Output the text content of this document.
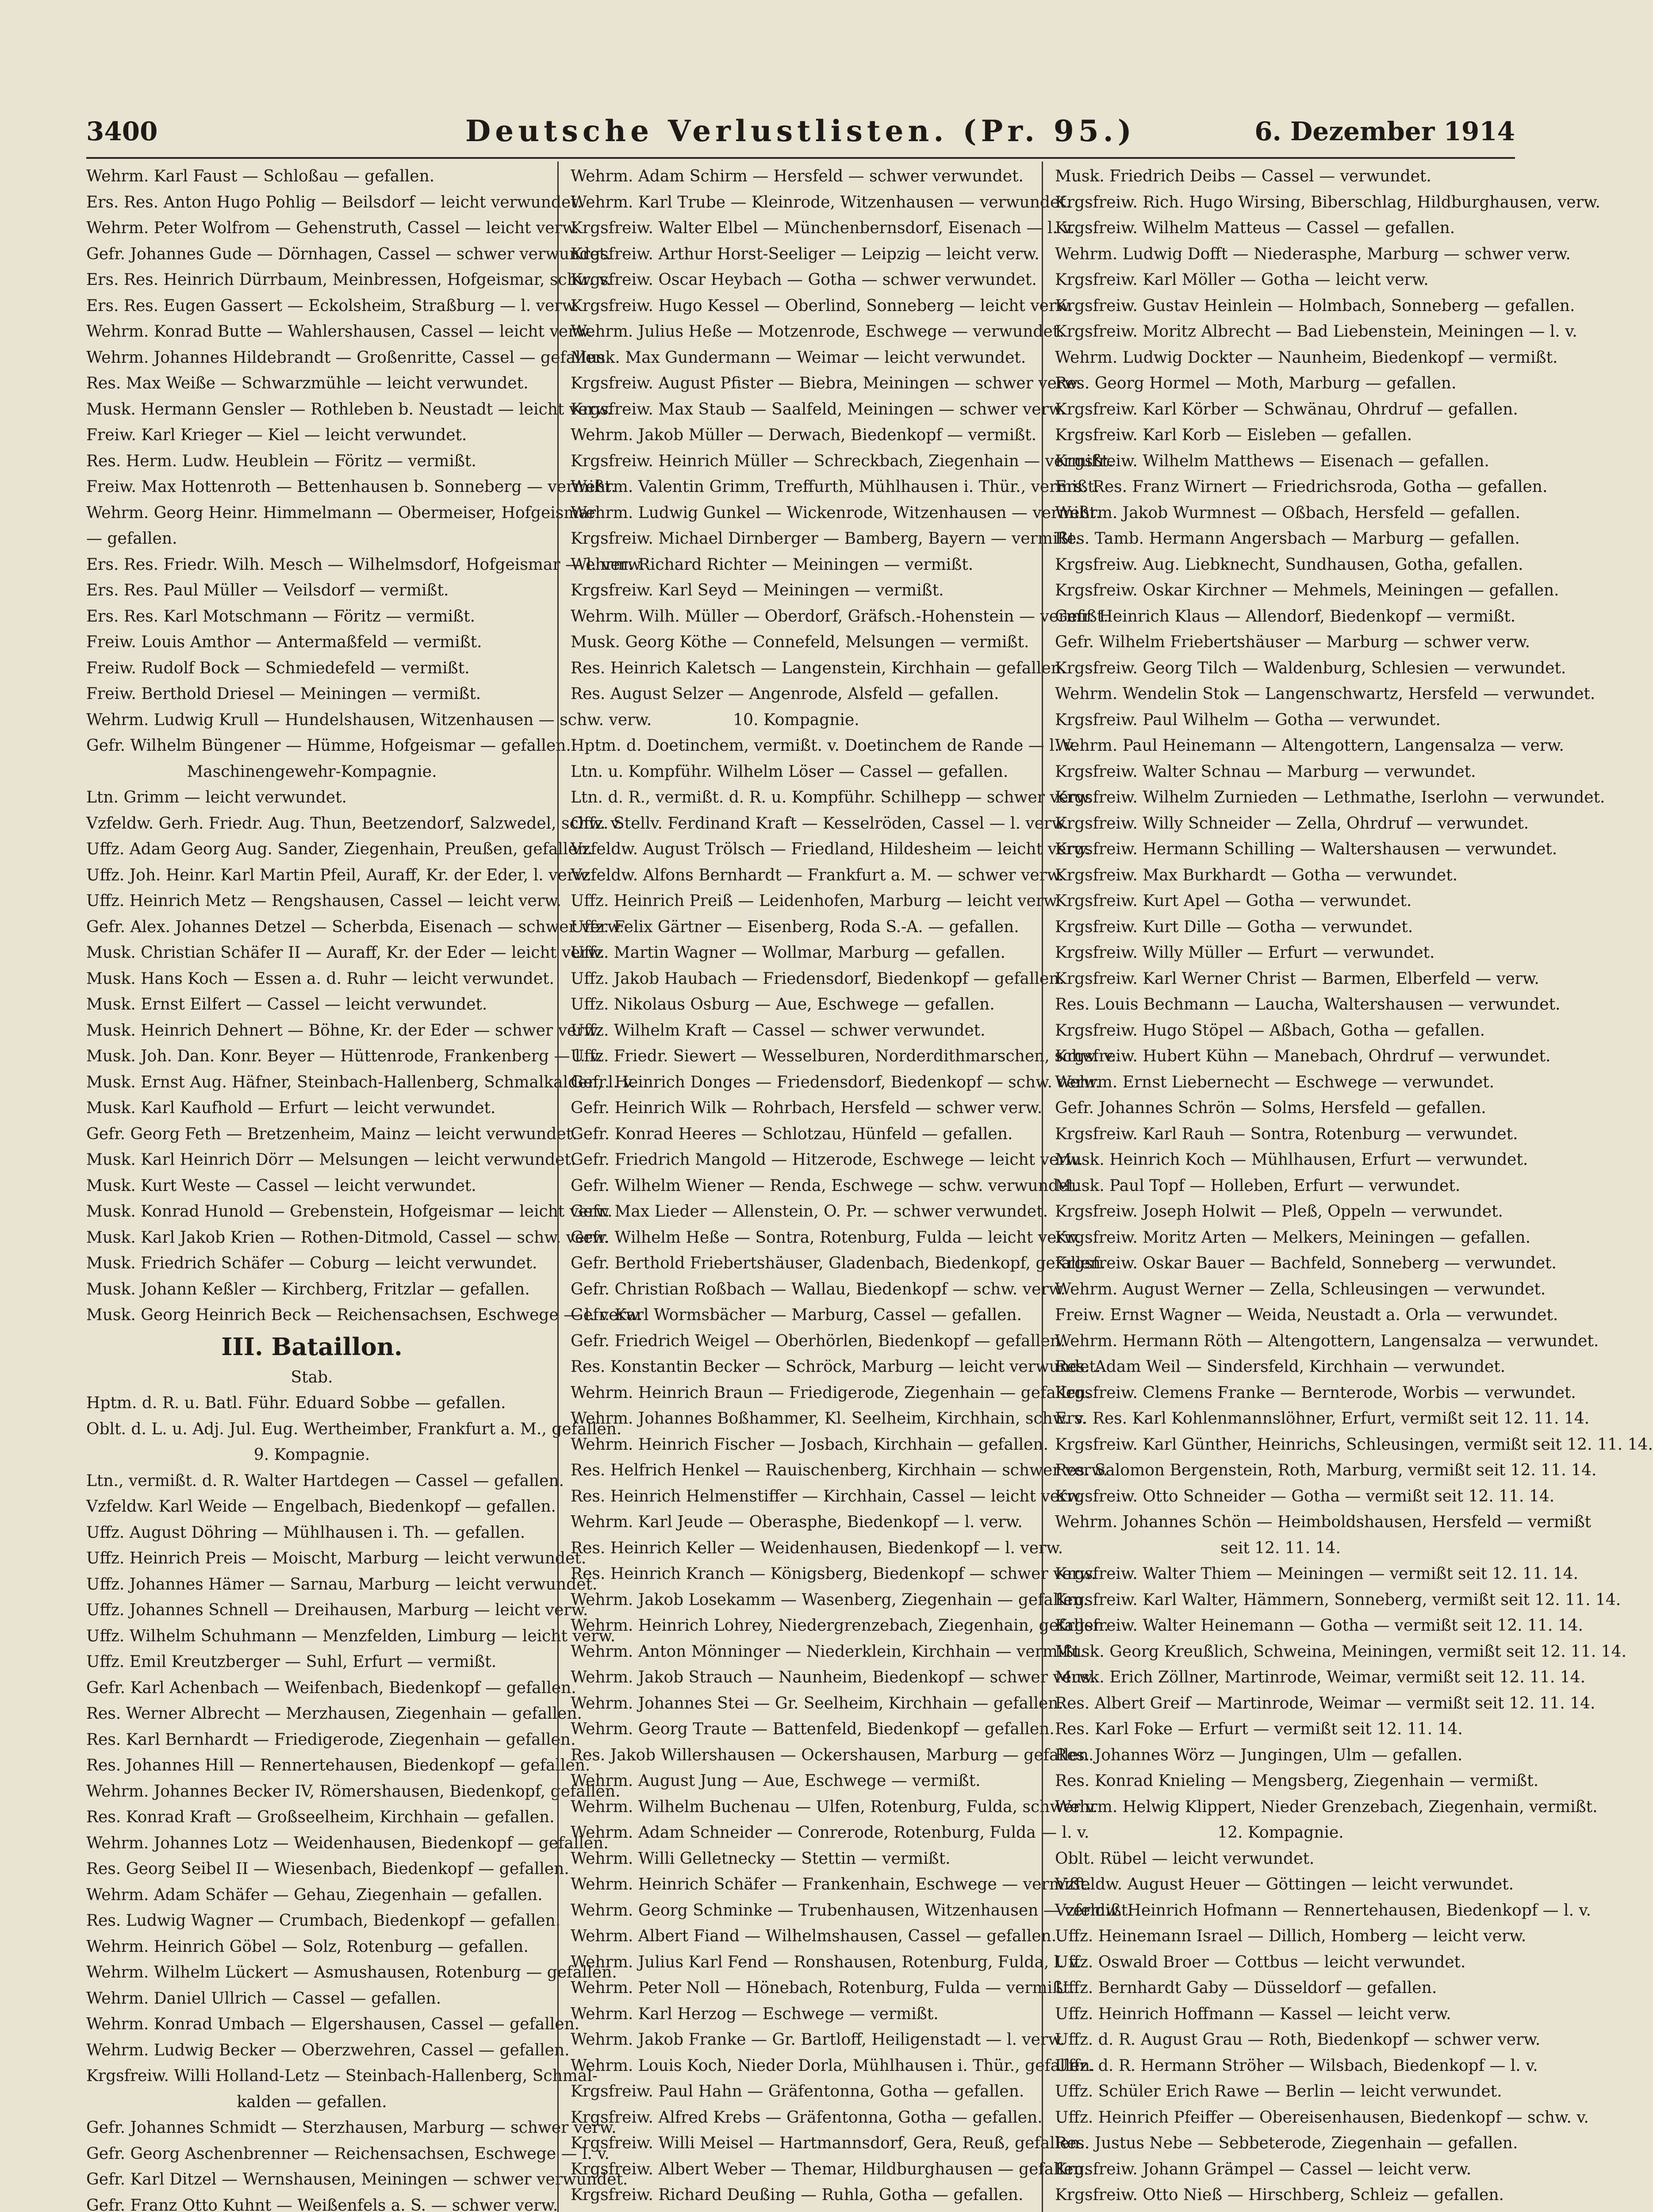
3400	Deutsche Verlustlisten. (Pr. 95.)	6. Dezember 1914
Wehrm. Karl Faust — Schloßau — gefallen.
Ers. Res. Anton Hugo Pohlig — Beilsdorf — leicht verwundet.
Wehrm. Peter Wolfrom — Gehenstruth, Cassel — leicht verw.
Gefr. Johannes Gude — Dörnhagen, Cassel — schwer verwundet.
Ers. Res. Heinrich Dürrbaum, Meinbressen, Hofgeismar, schw. v.
Ers. Res. Eugen Gassert — Eckolsheim, Straßburg — l. verw.
Wehrm. Konrad Butte — Wahlershausen, Cassel — leicht verw.
Wehrm. Johannes Hildebrandt — Großenritte, Cassel — gefallen.
Res. Max Weiße — Schwarzmühle — leicht verwundet.
Musk. Hermann Gensler — Rothleben b. Neustadt — leicht verw.
Freiw. Karl Krieger — Kiel — leicht verwundet.
Res. Herm. Ludw. Heublein — Föritz — vermißt.
Freiw. Max Hottenroth — Bettenhausen b. Sonneberg — vermißt.
Wehrm. Georg Heinr. Himmelmann — Obermeiser, Hofgeismar
— gefallen.
Ers. Res. Friedr. Wilh. Mesch — Wilhelmsdorf, Hofgeismar — l. verw.
Ers. Res. Paul Müller — Veilsdorf — vermißt.
Ers. Res. Karl Motschmann — Föritz — vermißt.
Freiw. Louis Amthor — Antermaßfeld — vermißt.
Freiw. Rudolf Bock — Schmiedefeld — vermißt.
Freiw. Berthold Driesel — Meiningen — vermißt.
Wehrm. Ludwig Krull — Hundelshausen, Witzenhausen — schw. verw.
Gefr. Wilhelm Büngener — Hümme, Hofgeismar — gefallen.
Maschinengewehr-Kompagnie.
Ltn. Grimm — leicht verwundet.
Vzfeldw. Gerh. Friedr. Aug. Thun, Beetzendorf, Salzwedel, schw. v.
Uffz. Adam Georg Aug. Sander, Ziegenhain, Preußen, gefallen.
Uffz. Joh. Heinr. Karl Martin Pfeil, Auraff, Kr. der Eder, l. verw.
Uffz. Heinrich Metz — Rengshausen, Cassel — leicht verw.
Gefr. Alex. Johannes Detzel — Scherbda, Eisenach — schwer verw.
Musk. Christian Schäfer II — Auraff, Kr. der Eder — leicht verw.
Musk. Hans Koch — Essen a. d. Ruhr — leicht verwundet.
Musk. Ernst Eilfert — Cassel — leicht verwundet.
Musk. Heinrich Dehnert — Böhne, Kr. der Eder — schwer verw.
Musk. Joh. Dan. Konr. Beyer — Hüttenrode, Frankenberg — l. v.
Musk. Ernst Aug. Häfner, Steinbach-Hallenberg, Schmalkalden, l. v.
Musk. Karl Kaufhold — Erfurt — leicht verwundet.
Gefr. Georg Feth — Bretzenheim, Mainz — leicht verwundet.
Musk. Karl Heinrich Dörr — Melsungen — leicht verwundet.
Musk. Kurt Weste — Cassel — leicht verwundet.
Musk. Konrad Hunold — Grebenstein, Hofgeismar — leicht verw.
Musk. Karl Jakob Krien — Rothen-Ditmold, Cassel — schw. verw.
Musk. Friedrich Schäfer — Coburg — leicht verwundet.
Musk. Johann Keßler — Kirchberg, Fritzlar — gefallen.
Musk. Georg Heinrich Beck — Reichensachsen, Eschwege — l. verw.
III. Bataillon.
Stab.
Hptm. d. R. u. Batl. Führ. Eduard Sobbe — gefallen.
Oblt. d. L. u. Adj. Jul. Eug. Wertheimber, Frankfurt a. M., gefallen.
9. Kompagnie.
Ltn., vermißt. d. R. Walter Hartdegen — Cassel — gefallen.
Vzfeldw. Karl Weide — Engelbach, Biedenkopf — gefallen.
Uffz. August Döhring — Mühlhausen i. Th. — gefallen.
Uffz. Heinrich Preis — Moischt, Marburg — leicht verwundet.
Uffz. Johannes Hämer — Sarnau, Marburg — leicht verwundet.
Uffz. Johannes Schnell — Dreihausen, Marburg — leicht verw.
Uffz. Wilhelm Schuhmann — Menzfelden, Limburg — leicht verw.
Uffz. Emil Kreutzberger — Suhl, Erfurt — vermißt.
Gefr. Karl Achenbach — Weifenbach, Biedenkopf — gefallen.
Res. Werner Albrecht — Merzhausen, Ziegenhain — gefallen.
Res. Karl Bernhardt — Friedigerode, Ziegenhain — gefallen.
Res. Johannes Hill — Rennertehausen, Biedenkopf — gefallen.
Wehrm. Johannes Becker IV, Römershausen, Biedenkopf, gefallen.
Res. Konrad Kraft — Großseelheim, Kirchhain — gefallen.
Wehrm. Johannes Lotz — Weidenhausen, Biedenkopf — gefallen.
Res. Georg Seibel II — Wiesenbach, Biedenkopf — gefallen.
Wehrm. Adam Schäfer — Gehau, Ziegenhain — gefallen.
Res. Ludwig Wagner — Crumbach, Biedenkopf — gefallen.
Wehrm. Heinrich Göbel — Solz, Rotenburg — gefallen.
Wehrm. Wilhelm Lückert — Asmushausen, Rotenburg — gefallen.
Wehrm. Daniel Ullrich — Cassel — gefallen.
Wehrm. Konrad Umbach — Elgershausen, Cassel — gefallen.
Wehrm. Ludwig Becker — Oberzwehren, Cassel — gefallen.
Krgsfreiw. Willi Holland-Letz — Steinbach-Hallenberg, Schmal-
kalden — gefallen.
Gefr. Johannes Schmidt — Sterzhausen, Marburg — schwer verw.
Gefr. Georg Aschenbrenner — Reichensachsen, Eschwege — l. v.
Gefr. Karl Ditzel — Wernshausen, Meiningen — schwer verwundet.
Gefr. Franz Otto Kuhnt — Weißenfels a. S. — schwer verw.
Wehrm. Adam Schirm — Hersfeld — schwer verwundet.
Wehrm. Karl Trube — Kleinrode, Witzenhausen — verwundet.
Krgsfreiw. Walter Elbel — Münchenbernsdorf, Eisenach — l. v.
Krgsfreiw. Arthur Horst-Seeliger — Leipzig — leicht verw.
Krgsfreiw. Oscar Heybach — Gotha — schwer verwundet.
Krgsfreiw. Hugo Kessel — Oberlind, Sonneberg — leicht verw.
Wehrm. Julius Heße — Motzenrode, Eschwege — verwundet.
Musk. Max Gundermann — Weimar — leicht verwundet.
Krgsfreiw. August Pfister — Biebra, Meiningen — schwer verw.
Krgsfreiw. Max Staub — Saalfeld, Meiningen — schwer verw.
Wehrm. Jakob Müller — Derwach, Biedenkopf — vermißt.
Krgsfreiw. Heinrich Müller — Schreckbach, Ziegenhain — vermißt.
Wehrm. Valentin Grimm, Treffurth, Mühlhausen i. Thür., vermißt.
Wehrm. Ludwig Gunkel — Wickenrode, Witzenhausen — vermißt.
Krgsfreiw. Michael Dirnberger — Bamberg, Bayern — vermißt.
Wehrm. Richard Richter — Meiningen — vermißt.
Krgsfreiw. Karl Seyd — Meiningen — vermißt.
Wehrm. Wilh. Müller — Oberdorf, Gräfsch.-Hohenstein — vermißt.
Musk. Georg Köthe — Connefeld, Melsungen — vermißt.
Res. Heinrich Kaletsch — Langenstein, Kirchhain — gefallen.
Res. August Selzer — Angenrode, Alsfeld — gefallen.
10. Kompagnie.
Hptm. d. Doetinchem, vermißt. v. Doetinchem de Rande — l. v.
Ltn. u. Kompführ. Wilhelm Löser — Cassel — gefallen.
Ltn. d. R., vermißt. d. R. u. Kompführ. Schilhepp — schwer verw.
Offz. Stellv. Ferdinand Kraft — Kesselröden, Cassel — l. verw.
Vzfeldw. August Trölsch — Friedland, Hildesheim — leicht verw.
Vzfeldw. Alfons Bernhardt — Frankfurt a. M. — schwer verw.
Uffz. Heinrich Preiß — Leidenhofen, Marburg — leicht verw.
Uffz. Felix Gärtner — Eisenberg, Roda S.-A. — gefallen.
Uffz. Martin Wagner — Wollmar, Marburg — gefallen.
Uffz. Jakob Haubach — Friedensdorf, Biedenkopf — gefallen.
Uffz. Nikolaus Osburg — Aue, Eschwege — gefallen.
Uffz. Wilhelm Kraft — Cassel — schwer verwundet.
Uffz. Friedr. Siewert — Wesselburen, Norderdithmarschen, schw. v.
Gefr. Heinrich Donges — Friedensdorf, Biedenkopf — schw. verw.
Gefr. Heinrich Wilk — Rohrbach, Hersfeld — schwer verw.
Gefr. Konrad Heeres — Schlotzau, Hünfeld — gefallen.
Gefr. Friedrich Mangold — Hitzerode, Eschwege — leicht verw.
Gefr. Wilhelm Wiener — Renda, Eschwege — schw. verwundet.
Gefr. Max Lieder — Allenstein, O. Pr. — schwer verwundet.
Gefr. Wilhelm Heße — Sontra, Rotenburg, Fulda — leicht verw.
Gefr. Berthold Friebertshäuser, Gladenbach, Biedenkopf, gefallen.
Gefr. Christian Roßbach — Wallau, Biedenkopf — schw. verw.
Gefr. Karl Wormsbächer — Marburg, Cassel — gefallen.
Gefr. Friedrich Weigel — Oberhörlen, Biedenkopf — gefallen.
Res. Konstantin Becker — Schröck, Marburg — leicht verwundet.
Wehrm. Heinrich Braun — Friedigerode, Ziegenhain — gefallen.
Wehrm. Johannes Boßhammer, Kl. Seelheim, Kirchhain, schw. v.
Wehrm. Heinrich Fischer — Josbach, Kirchhain — gefallen.
Res. Helfrich Henkel — Rauischenberg, Kirchhain — schwer verw.
Res. Heinrich Helmenstiffer — Kirchhain, Cassel — leicht verw.
Wehrm. Karl Jeude — Oberasphe, Biedenkopf — l. verw.
Res. Heinrich Keller — Weidenhausen, Biedenkopf — l. verw.
Res. Heinrich Kranch — Königsberg, Biedenkopf — schwer verw.
Wehrm. Jakob Losekamm — Wasenberg, Ziegenhain — gefallen.
Wehrm. Heinrich Lohrey, Niedergrenzebach, Ziegenhain, gefallen.
Wehrm. Anton Mönninger — Niederklein, Kirchhain — vermißt.
Wehrm. Jakob Strauch — Naunheim, Biedenkopf — schwer verw.
Wehrm. Johannes Stei — Gr. Seelheim, Kirchhain — gefallen.
Wehrm. Georg Traute — Battenfeld, Biedenkopf — gefallen.
Res. Jakob Willershausen — Ockershausen, Marburg — gefallen.
Wehrm. August Jung — Aue, Eschwege — vermißt.
Wehrm. Wilhelm Buchenau — Ulfen, Rotenburg, Fulda, schwer v.
Wehrm. Adam Schneider — Conrerode, Rotenburg, Fulda — l. v.
Wehrm. Willi Gelletnecky — Stettin — vermißt.
Wehrm. Heinrich Schäfer — Frankenhain, Eschwege — vermißt.
Wehrm. Georg Schminke — Trubenhausen, Witzenhausen — vermißt.
Wehrm. Albert Fiand — Wilhelmshausen, Cassel — gefallen.
Wehrm. Julius Karl Fend — Ronshausen, Rotenburg, Fulda, l. v.
Wehrm. Peter Noll — Hönebach, Rotenburg, Fulda — vermißt.
Wehrm. Karl Herzog — Eschwege — vermißt.
Wehrm. Jakob Franke — Gr. Bartloff, Heiligenstadt — l. verw.
Wehrm. Louis Koch, Nieder Dorla, Mühlhausen i. Thür., gefallen.
Krgsfreiw. Paul Hahn — Gräfentonna, Gotha — gefallen.
Krgsfreiw. Alfred Krebs — Gräfentonna, Gotha — gefallen.
Krgsfreiw. Willi Meisel — Hartmannsdorf, Gera, Reuß, gefallen.
Krgsfreiw. Albert Weber — Themar, Hildburghausen — gefallen.
Krgsfreiw. Richard Deußing — Ruhla, Gotha — gefallen.
Musk. Friedrich Deibs — Cassel — verwundet.
Krgsfreiw. Rich. Hugo Wirsing, Biberschlag, Hildburghausen, verw.
Krgsfreiw. Wilhelm Matteus — Cassel — gefallen.
Wehrm. Ludwig Dofft — Niederasphe, Marburg — schwer verw.
Krgsfreiw. Karl Möller — Gotha — leicht verw.
Krgsfreiw. Gustav Heinlein — Holmbach, Sonneberg — gefallen.
Krgsfreiw. Moritz Albrecht — Bad Liebenstein, Meiningen — l. v.
Wehrm. Ludwig Dockter — Naunheim, Biedenkopf — vermißt.
Res. Georg Hormel — Moth, Marburg — gefallen.
Krgsfreiw. Karl Körber — Schwänau, Ohrdruf — gefallen.
Krgsfreiw. Karl Korb — Eisleben — gefallen.
Krgsfreiw. Wilhelm Matthews — Eisenach — gefallen.
Ers. Res. Franz Wirnert — Friedrichsroda, Gotha — gefallen.
Wehrm. Jakob Wurmnest — Oßbach, Hersfeld — gefallen.
Res. Tamb. Hermann Angersbach — Marburg — gefallen.
Krgsfreiw. Aug. Liebknecht, Sundhausen, Gotha, gefallen.
Krgsfreiw. Oskar Kirchner — Mehmels, Meiningen — gefallen.
Gefr. Heinrich Klaus — Allendorf, Biedenkopf — vermißt.
Gefr. Wilhelm Friebertshäuser — Marburg — schwer verw.
Krgsfreiw. Georg Tilch — Waldenburg, Schlesien — verwundet.
Wehrm. Wendelin Stok — Langenschwartz, Hersfeld — verwundet.
Krgsfreiw. Paul Wilhelm — Gotha — verwundet.
Wehrm. Paul Heinemann — Altengottern, Langensalza — verw.
Krgsfreiw. Walter Schnau — Marburg — verwundet.
Krgsfreiw. Wilhelm Zurnieden — Lethmathe, Iserlohn — verwundet.
Krgsfreiw. Willy Schneider — Zella, Ohrdruf — verwundet.
Krgsfreiw. Hermann Schilling — Waltershausen — verwundet.
Krgsfreiw. Max Burkhardt — Gotha — verwundet.
Krgsfreiw. Kurt Apel — Gotha — verwundet.
Krgsfreiw. Kurt Dille — Gotha — verwundet.
Krgsfreiw. Willy Müller — Erfurt — verwundet.
Krgsfreiw. Karl Werner Christ — Barmen, Elberfeld — verw.
Res. Louis Bechmann — Laucha, Waltershausen — verwundet.
Krgsfreiw. Hugo Stöpel — Aßbach, Gotha — gefallen.
Krgsfreiw. Hubert Kühn — Manebach, Ohrdruf — verwundet.
Wehrm. Ernst Liebernecht — Eschwege — verwundet.
Gefr. Johannes Schrön — Solms, Hersfeld — gefallen.
Krgsfreiw. Karl Rauh — Sontra, Rotenburg — verwundet.
Musk. Heinrich Koch — Mühlhausen, Erfurt — verwundet.
Musk. Paul Topf — Holleben, Erfurt — verwundet.
Krgsfreiw. Joseph Holwit — Pleß, Oppeln — verwundet.
Krgsfreiw. Moritz Arten — Melkers, Meiningen — gefallen.
Krgsfreiw. Oskar Bauer — Bachfeld, Sonneberg — verwundet.
Wehrm. August Werner — Zella, Schleusingen — verwundet.
Freiw. Ernst Wagner — Weida, Neustadt a. Orla — verwundet.
Wehrm. Hermann Röth — Altengottern, Langensalza — verwundet.
Res. Adam Weil — Sindersfeld, Kirchhain — verwundet.
Krgsfreiw. Clemens Franke — Bernterode, Worbis — verwundet.
Ers. Res. Karl Kohlenmannslöhner, Erfurt, vermißt seit 12. 11. 14.
Krgsfreiw. Karl Günther, Heinrichs, Schleusingen, vermißt seit 12. 11. 14.
Res. Salomon Bergenstein, Roth, Marburg, vermißt seit 12. 11. 14.
Krgsfreiw. Otto Schneider — Gotha — vermißt seit 12. 11. 14.
Wehrm. Johannes Schön — Heimboldshausen, Hersfeld — vermißt
seit 12. 11. 14.
Krgsfreiw. Walter Thiem — Meiningen — vermißt seit 12. 11. 14.
Krgsfreiw. Karl Walter, Hämmern, Sonneberg, vermißt seit 12. 11. 14.
Krgsfreiw. Walter Heinemann — Gotha — vermißt seit 12. 11. 14.
Musk. Georg Kreußlich, Schweina, Meiningen, vermißt seit 12. 11. 14.
Musk. Erich Zöllner, Martinrode, Weimar, vermißt seit 12. 11. 14.
Res. Albert Greif — Martinrode, Weimar — vermißt seit 12. 11. 14.
Res. Karl Foke — Erfurt — vermißt seit 12. 11. 14.
Res. Johannes Wörz — Jungingen, Ulm — gefallen.
Res. Konrad Knieling — Mengsberg, Ziegenhain — vermißt.
Wehrm. Helwig Klippert, Nieder Grenzebach, Ziegenhain, vermißt.
12. Kompagnie.
Oblt. Rübel — leicht verwundet.
Vzfeldw. August Heuer — Göttingen — leicht verwundet.
Vzfeldw. Heinrich Hofmann — Rennertehausen, Biedenkopf — l. v.
Uffz. Heinemann Israel — Dillich, Homberg — leicht verw.
Uffz. Oswald Broer — Cottbus — leicht verwundet.
Uffz. Bernhardt Gaby — Düsseldorf — gefallen.
Uffz. Heinrich Hoffmann — Kassel — leicht verw.
Uffz. d. R. August Grau — Roth, Biedenkopf — schwer verw.
Uffz. d. R. Hermann Ströher — Wilsbach, Biedenkopf — l. v.
Uffz. Schüler Erich Rawe — Berlin — leicht verwundet.
Uffz. Heinrich Pfeiffer — Obereisenhausen, Biedenkopf — schw. v.
Res. Justus Nebe — Sebbeterode, Ziegenhain — gefallen.
Krgsfreiw. Johann Grämpel — Cassel — leicht verw.
Krgsfreiw. Otto Nieß — Hirschberg, Schleiz — gefallen.
